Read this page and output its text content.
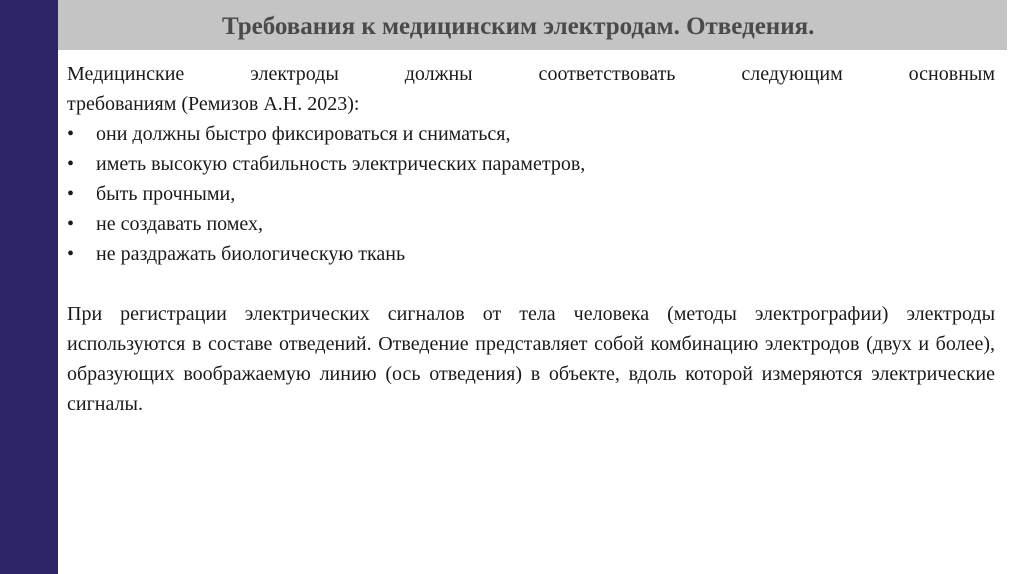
Требования к медицинским электродам. Отведения.

Медицинские электроды должны соответствовать следующим основным
требованиям (Ремизов А.Н. 2023):

• они должны быстро фиксироваться и сниматься,
• иметь высокую стабильность электрических параметров,
• быть прочными,
• не создавать помех,
• не раздражать биологическую ткань

При регистрации электрических сигналов от тела человека (методы электрографии) электроды используются в составе отведений. Отведение представляет собой комбинацию электродов (двух и более), образующих воображаемую линию (ось отведения) в объекте, вдоль которой измеряются электрические сигналы.
